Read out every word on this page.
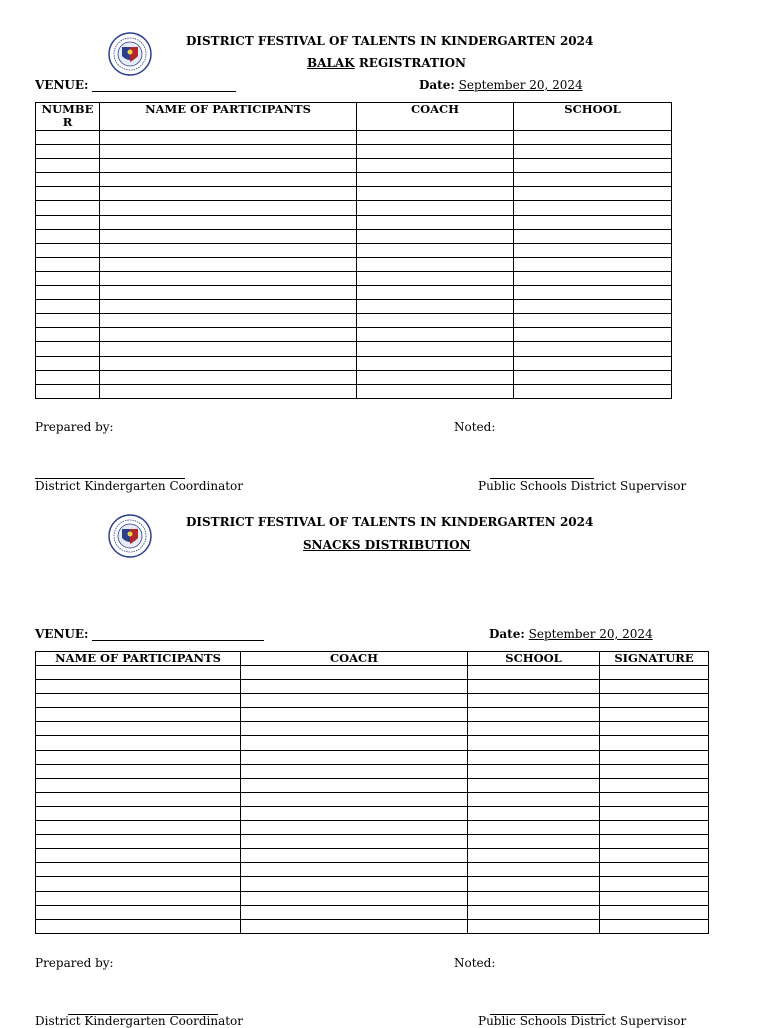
DISTRICT FESTIVAL OF TALENTS IN KINDERGARTEN 2024
BALAK REGISTRATION
VENUE:	Date: September 20, 2024
NUMBER	NAME OF PARTICIPANTS	COACH	SCHOOL

Prepared by:	Noted:
District Kindergarten Coordinator	Public Schools District Supervisor
DISTRICT FESTIVAL OF TALENTS IN KINDERGARTEN 2024
SNACKS DISTRIBUTION
VENUE:	Date: September 20, 2024
NAME OF PARTICIPANTS	COACH	SCHOOL	SIGNATURE

Prepared by:	Noted:
District Kindergarten Coordinator	Public Schools District Supervisor
